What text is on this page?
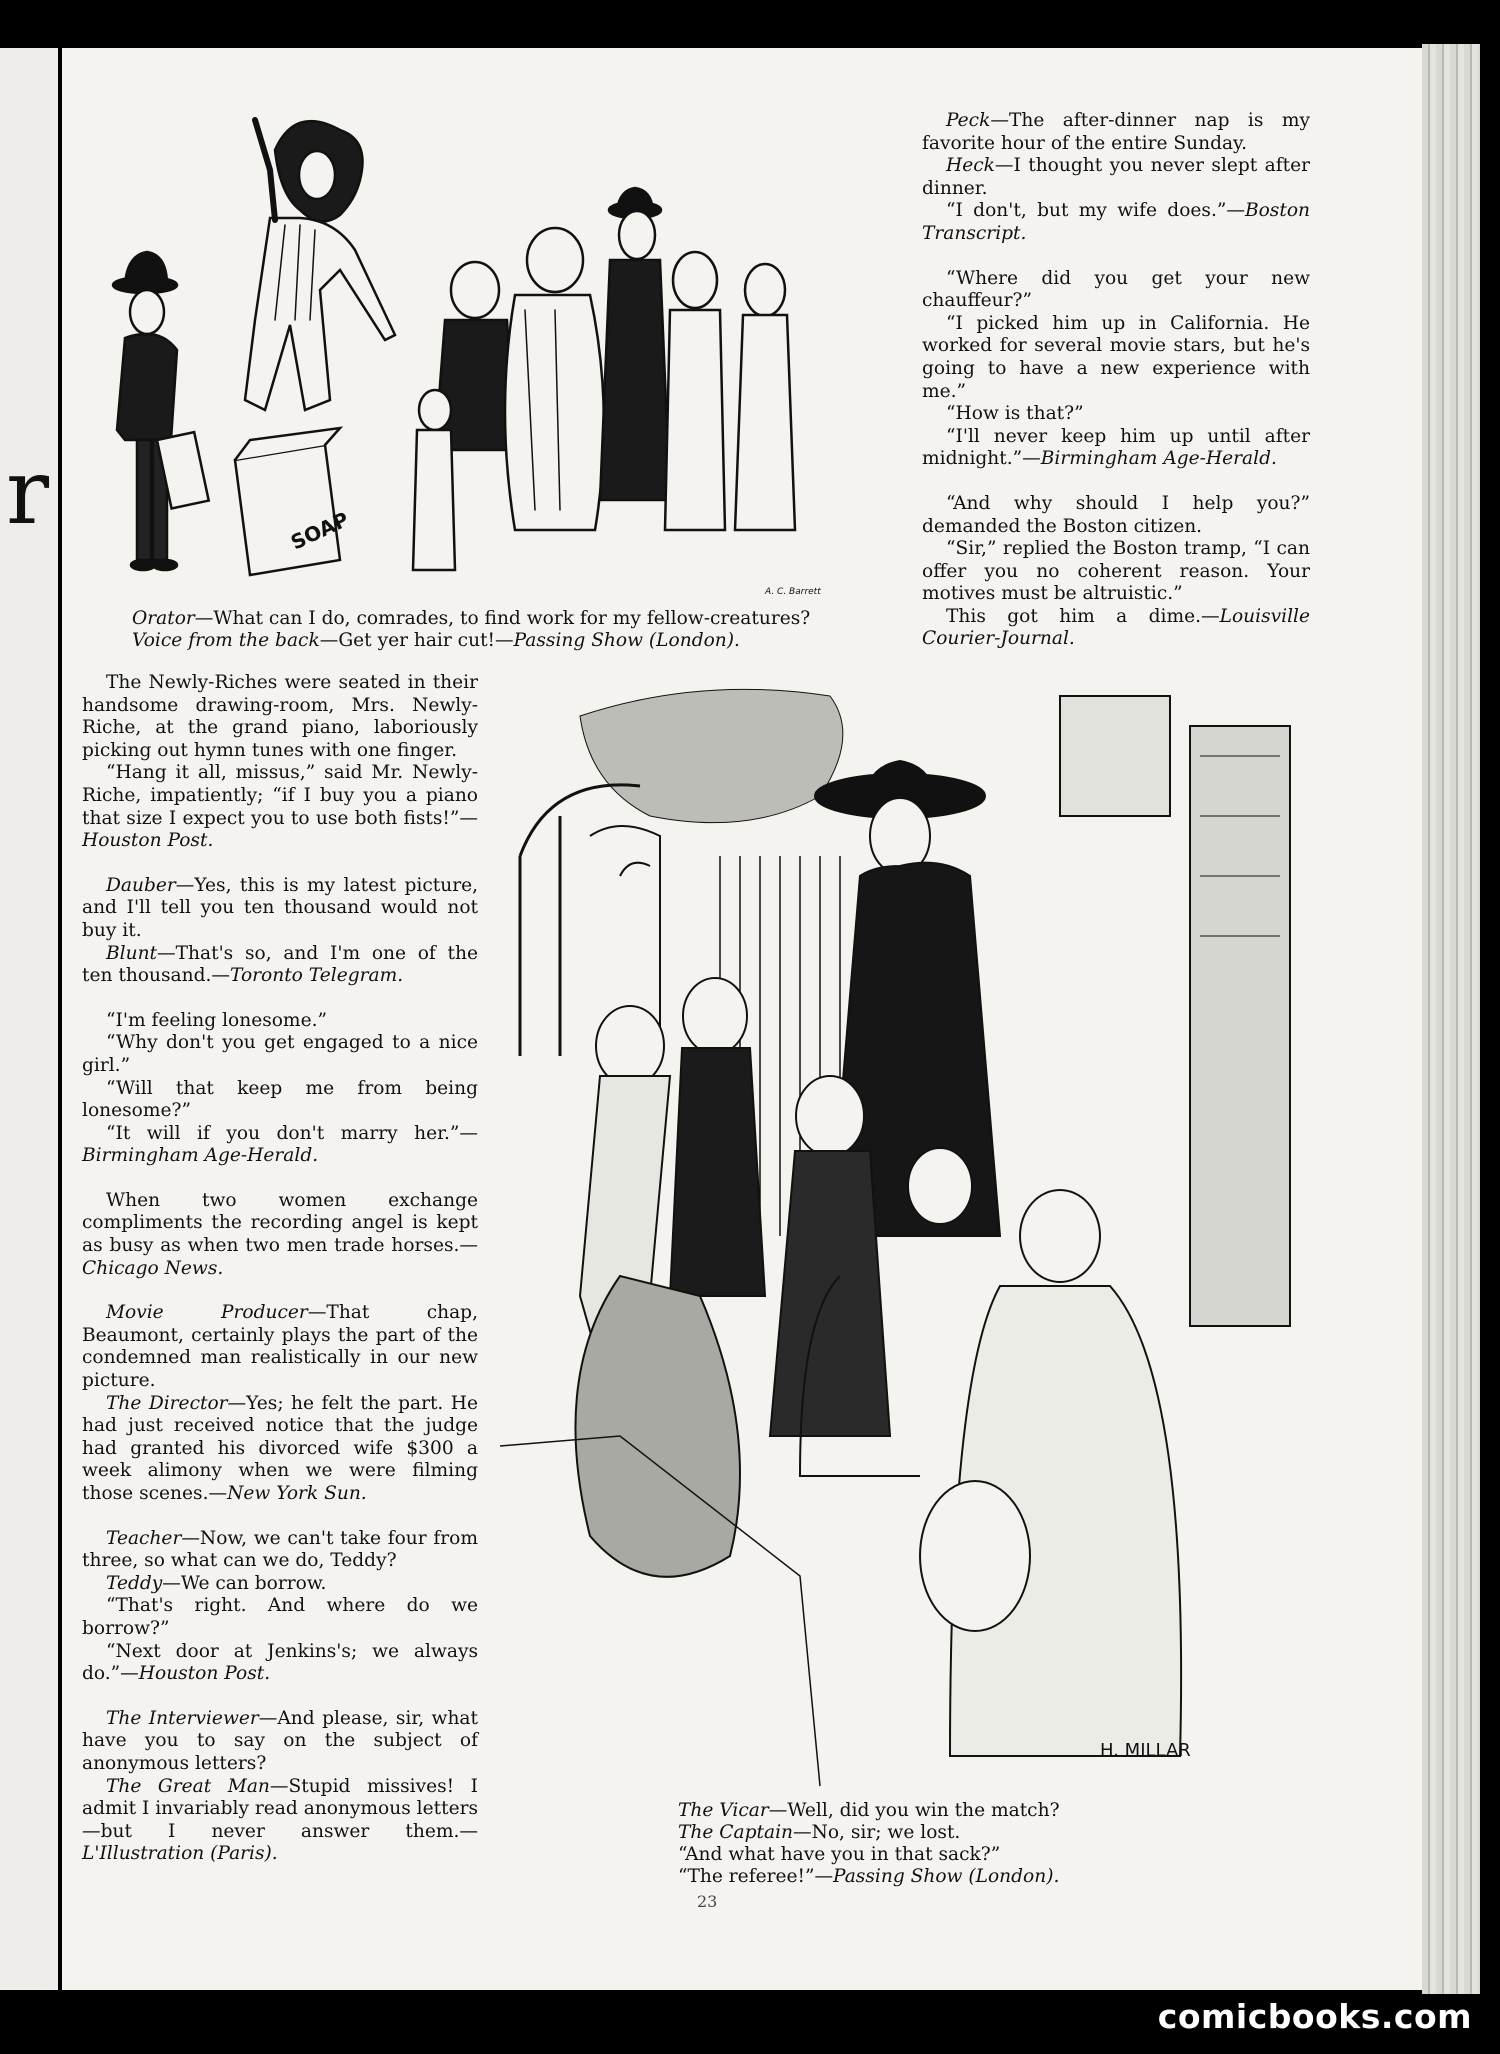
r	SOAP
A. C. Barrett

Orator—What can I do, comrades, to find work for my fellow-creatures?

Voice from the back—Get yer hair cut!—Passing Show (London).

Peck—The after-dinner nap is my favorite hour of the entire Sunday.

Heck—I thought you never slept after dinner.

“I don't, but my wife does.”—Boston Transcript.

“Where did you get your new chauffeur?”

“I picked him up in California. He worked for several movie stars, but he's going to have a new experience with me.”

“How is that?”

“I'll never keep him up until after midnight.”—Birmingham Age-Herald.

“And why should I help you?” demanded the Boston citizen.

“Sir,” replied the Boston tramp, “I can offer you no coherent reason. Your motives must be altruistic.”

This got him a dime.—Louisville Courier-Journal.

The Newly-Riches were seated in their handsome drawing-room, Mrs. Newly-Riche, at the grand piano, laboriously picking out hymn tunes with one finger.

“Hang it all, missus,” said Mr. Newly-Riche, impatiently; “if I buy you a piano that size I expect you to use both fists!”—Houston Post.

Dauber—Yes, this is my latest picture, and I'll tell you ten thousand would not buy it.

Blunt—That's so, and I'm one of the ten thousand.—Toronto Telegram.

“I'm feeling lonesome.”

“Why don't you get engaged to a nice girl.”

“Will that keep me from being lonesome?”

“It will if you don't marry her.”—Birmingham Age-Herald.

When two women exchange compliments the recording angel is kept as busy as when two men trade horses.—Chicago News.

Movie Producer—That chap, Beaumont, certainly plays the part of the condemned man realistically in our new picture.

The Director—Yes; he felt the part. He had just received notice that the judge had granted his divorced wife $300 a week alimony when we were filming those scenes.—New York Sun.

Teacher—Now, we can't take four from three, so what can we do, Teddy?

Teddy—We can borrow.

“That's right. And where do we borrow?”

“Next door at Jenkins's; we always do.”—Houston Post.

The Interviewer—And please, sir, what have you to say on the subject of anonymous letters?

The Great Man—Stupid missives! I admit I invariably read anonymous letters—but I never answer them.—L'Illustration (Paris).

H. MILLAR

The Vicar—Well, did you win the match?

The Captain—No, sir; we lost.

“And what have you in that sack?”

“The referee!”—Passing Show (London).

23
comicbooks.com
